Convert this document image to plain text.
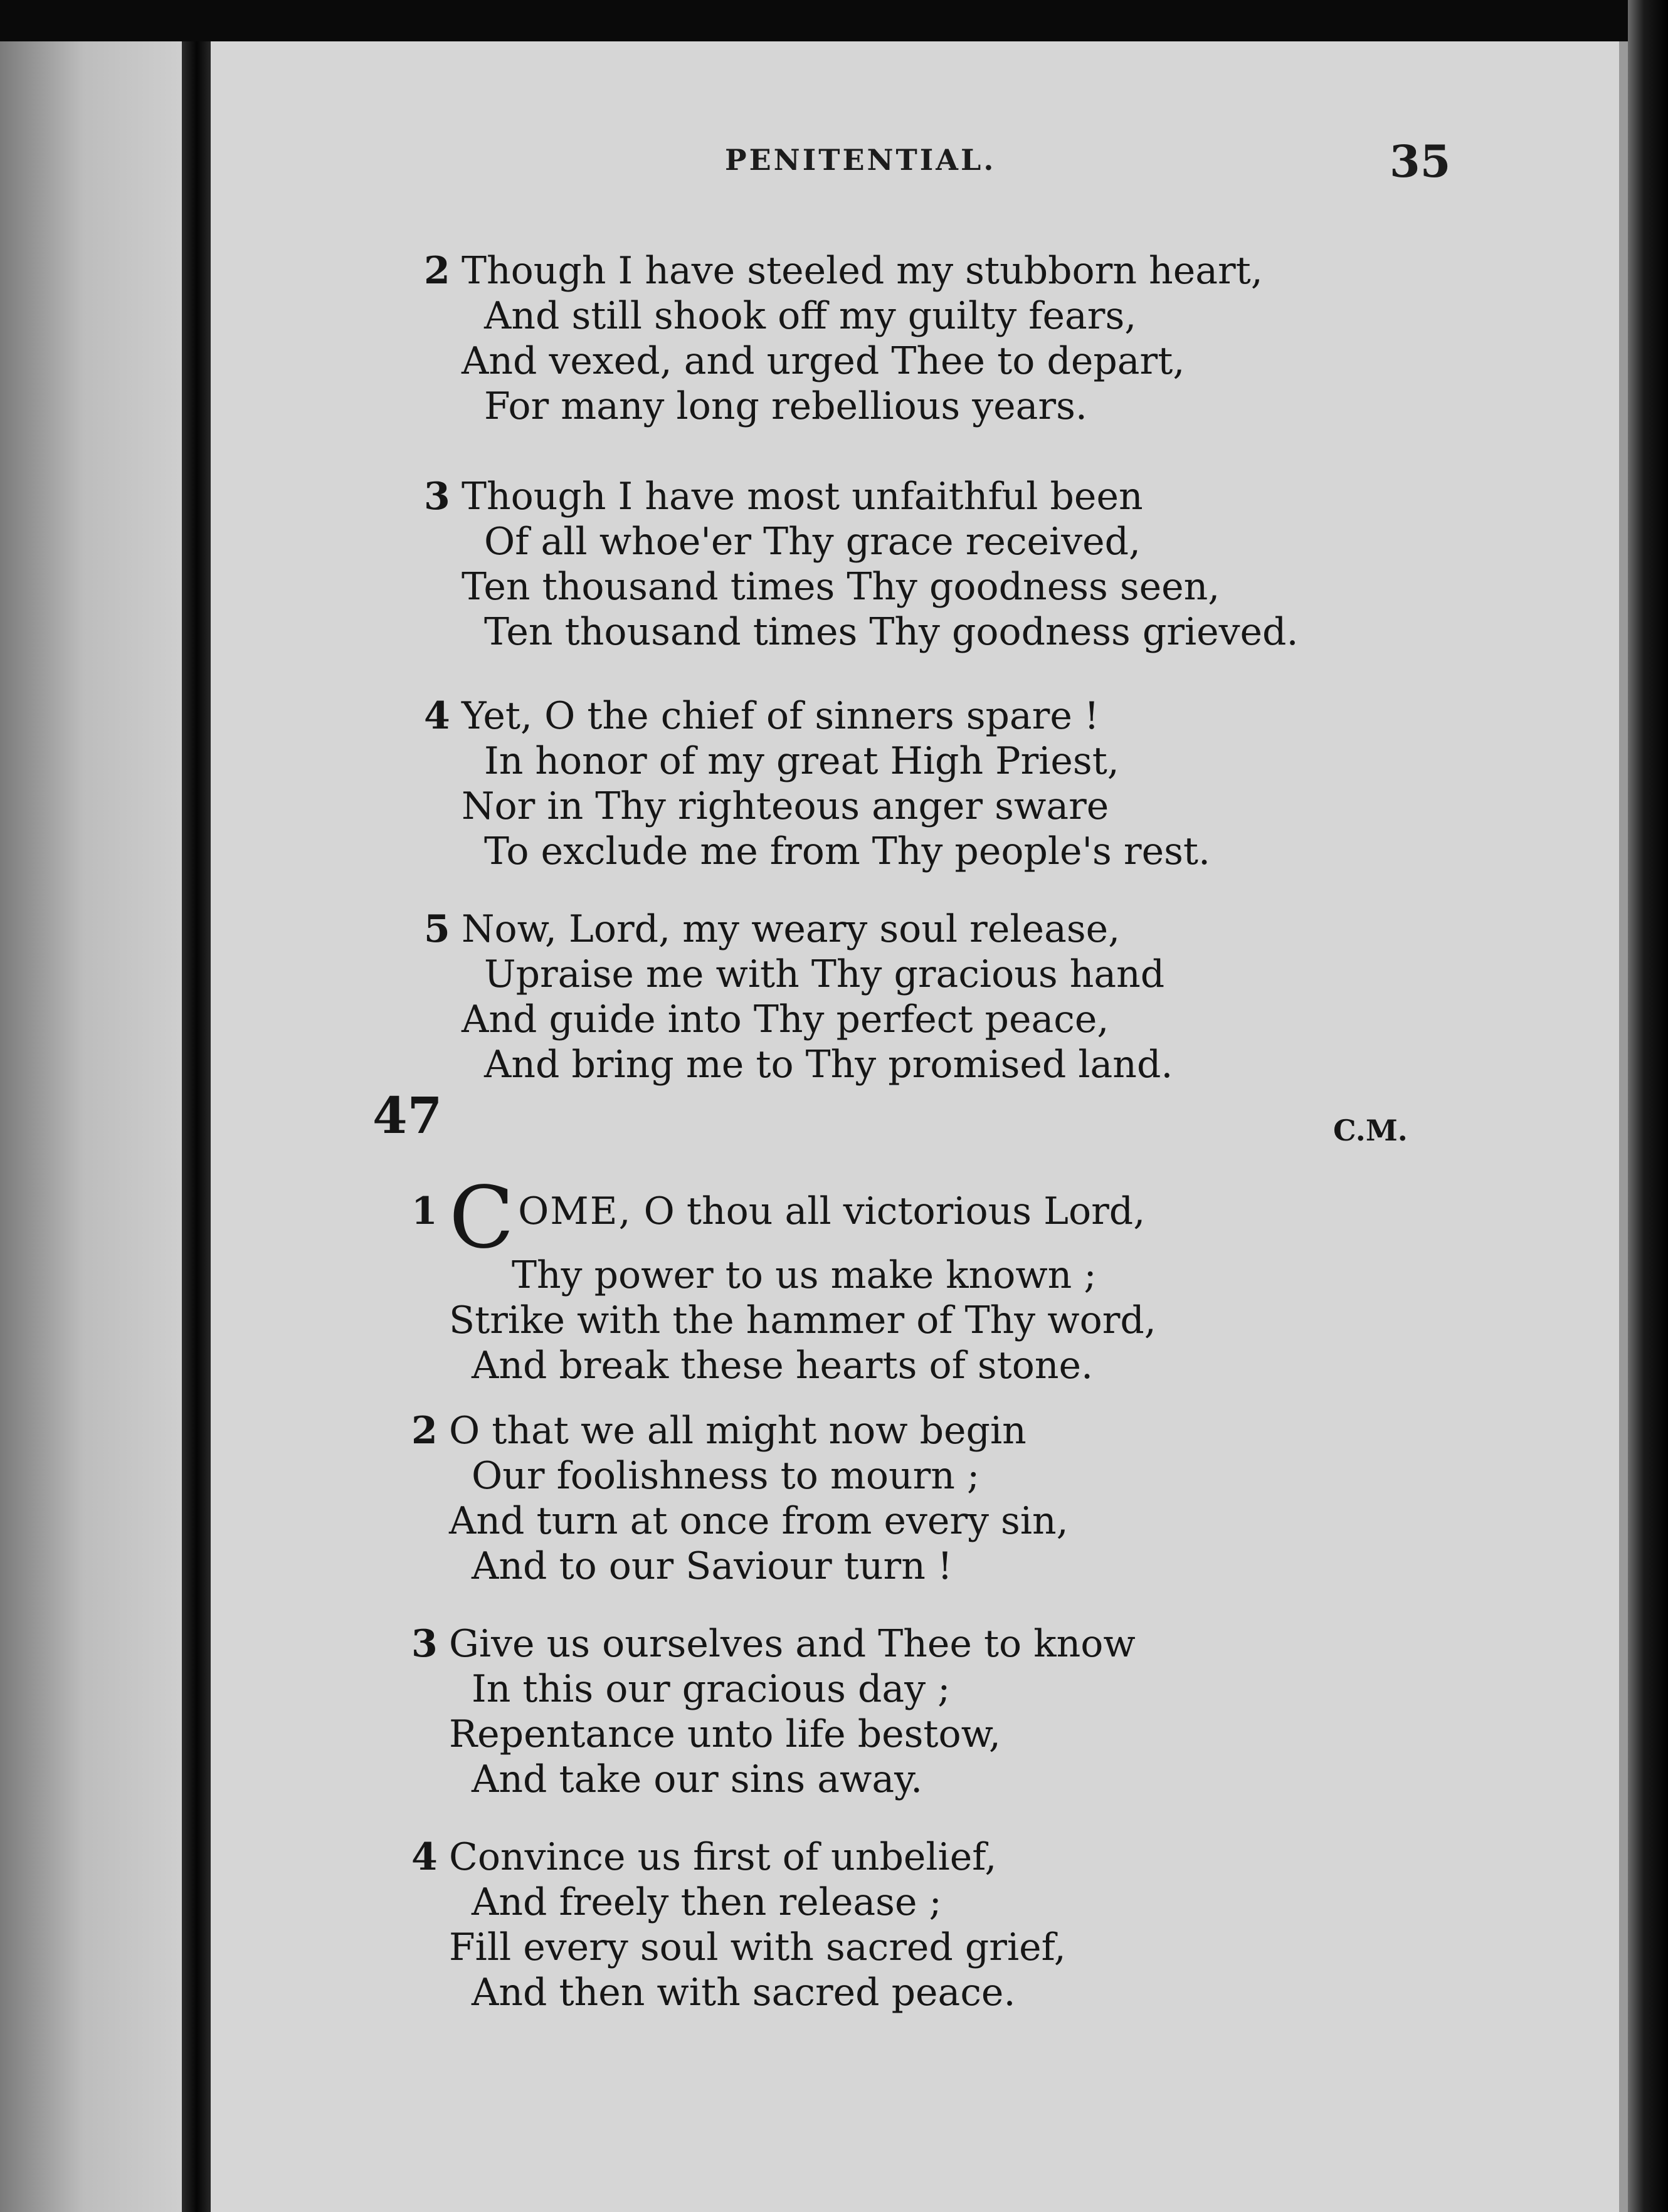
PENITENTIAL.	35
2 Though I have steeled my stubborn heart,
And still shook off my guilty fears,
And vexed, and urged Thee to depart,
For many long rebellious years.
3 Though I have most unfaithful been
Of all whoe'er Thy grace received,
Ten thousand times Thy goodness seen,
Ten thousand times Thy goodness grieved.
4 Yet, O the chief of sinners spare !
In honor of my great High Priest,
Nor in Thy righteous anger sware
To exclude me from Thy people's rest.
5 Now, Lord, my weary soul release,
Upraise me with Thy gracious hand
And guide into Thy perfect peace,
And bring me to Thy promised land.
47	C.M.
1 C OME, O thou all victorious Lord,
Thy power to us make known ;
Strike with the hammer of Thy word,
And break these hearts of stone.
2 O that we all might now begin
Our foolishness to mourn ;
And turn at once from every sin,
And to our Saviour turn !
3 Give us ourselves and Thee to know
In this our gracious day ;
Repentance unto life bestow,
And take our sins away.
4 Convince us first of unbelief,
And freely then release ;
Fill every soul with sacred grief,
And then with sacred peace.
